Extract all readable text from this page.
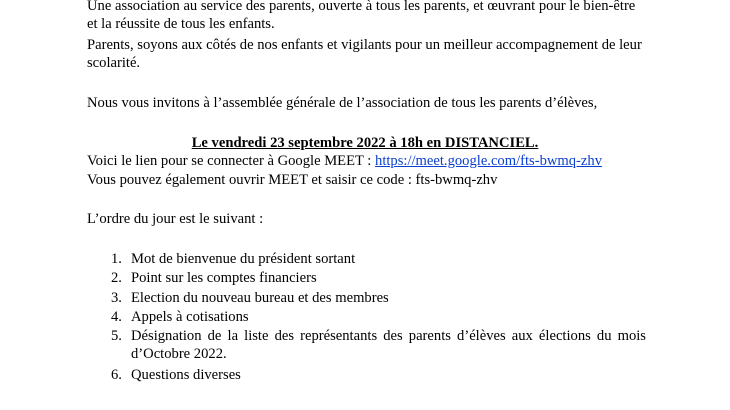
Une association au service des parents, ouverte à tous les parents, et œuvrant pour le bien-être
et la réussite de tous les enfants.
Parents, soyons aux côtés de nos enfants et vigilants pour un meilleur accompagnement de leur
scolarité.
Nous vous invitons à l’assemblée générale de l’association de tous les parents d’élèves,
Le vendredi 23 septembre 2022 à 18h en DISTANCIEL.
Voici le lien pour se connecter à Google MEET : https://meet.google.com/fts-bwmq-zhv
Vous pouvez également ouvrir MEET et saisir ce code : fts-bwmq-zhv
L’ordre du jour est le suivant :
1. Mot de bienvenue du président sortant
2. Point sur les comptes financiers
3. Election du nouveau bureau et des membres
4. Appels à cotisations
5. Désignation de la liste des représentants des parents d’élèves aux élections du mois
d’Octobre 2022.
6. Questions diverses
